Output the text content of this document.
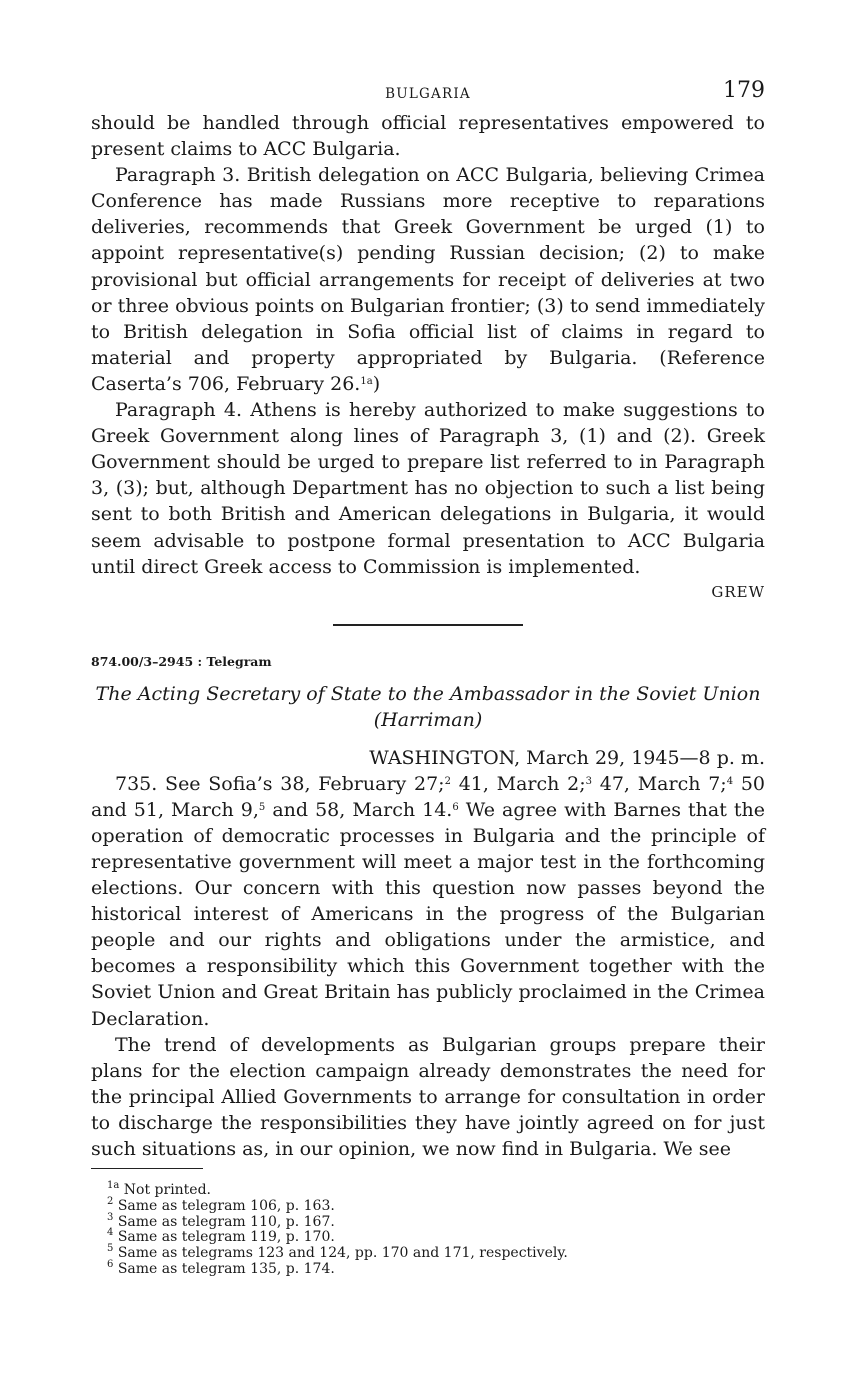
BULGARIA	179

should be handled through official representatives empowered to present claims to ACC Bulgaria.

Paragraph 3. British delegation on ACC Bulgaria, believing Crimea Conference has made Russians more receptive to reparations deliveries, recommends that Greek Government be urged (1) to appoint representative(s) pending Russian decision; (2) to make provisional but official arrangements for receipt of deliveries at two or three obvious points on Bulgarian frontier; (3) to send immediately to British delegation in Sofia official list of claims in regard to material and property appropriated by Bulgaria. (Reference Caserta’s 706, February 26.$^{1a}$)

Paragraph 4. Athens is hereby authorized to make suggestions to Greek Government along lines of Paragraph 3, (1) and (2). Greek Government should be urged to prepare list referred to in Paragraph 3, (3); but, although Department has no objection to such a list being sent to both British and American delegations in Bulgaria, it would seem advisable to postpone formal presentation to ACC Bulgaria until direct Greek access to Commission is implemented.

GREW
874.00/3–2945 : Telegram
The Acting Secretary of State to the Ambassador in the Soviet Union
(Harriman)
WASHINGTON, March 29, 1945—8 p. m.

735. See Sofia’s 38, February 27;$^2$ 41, March 2;$^3$ 47, March 7;$^4$ 50 and 51, March 9,$^5$ and 58, March 14.$^6$ We agree with Barnes that the operation of democratic processes in Bulgaria and the principle of representative government will meet a major test in the forthcoming elections. Our concern with this question now passes beyond the historical interest of Americans in the progress of the Bulgarian people and our rights and obligations under the armistice, and becomes a responsibility which this Government together with the Soviet Union and Great Britain has publicly proclaimed in the Crimea Declaration.

The trend of developments as Bulgarian groups prepare their plans for the election campaign already demonstrates the need for the principal Allied Governments to arrange for consultation in order to discharge the responsibilities they have jointly agreed on for just such situations as, in our opinion, we now find in Bulgaria. We see

$^{1a}$ Not printed.
$^2$ Same as telegram 106, p. 163.
$^3$ Same as telegram 110, p. 167.
$^4$ Same as telegram 119, p. 170.
$^5$ Same as telegrams 123 and 124, pp. 170 and 171, respectively.
$^6$ Same as telegram 135, p. 174.
